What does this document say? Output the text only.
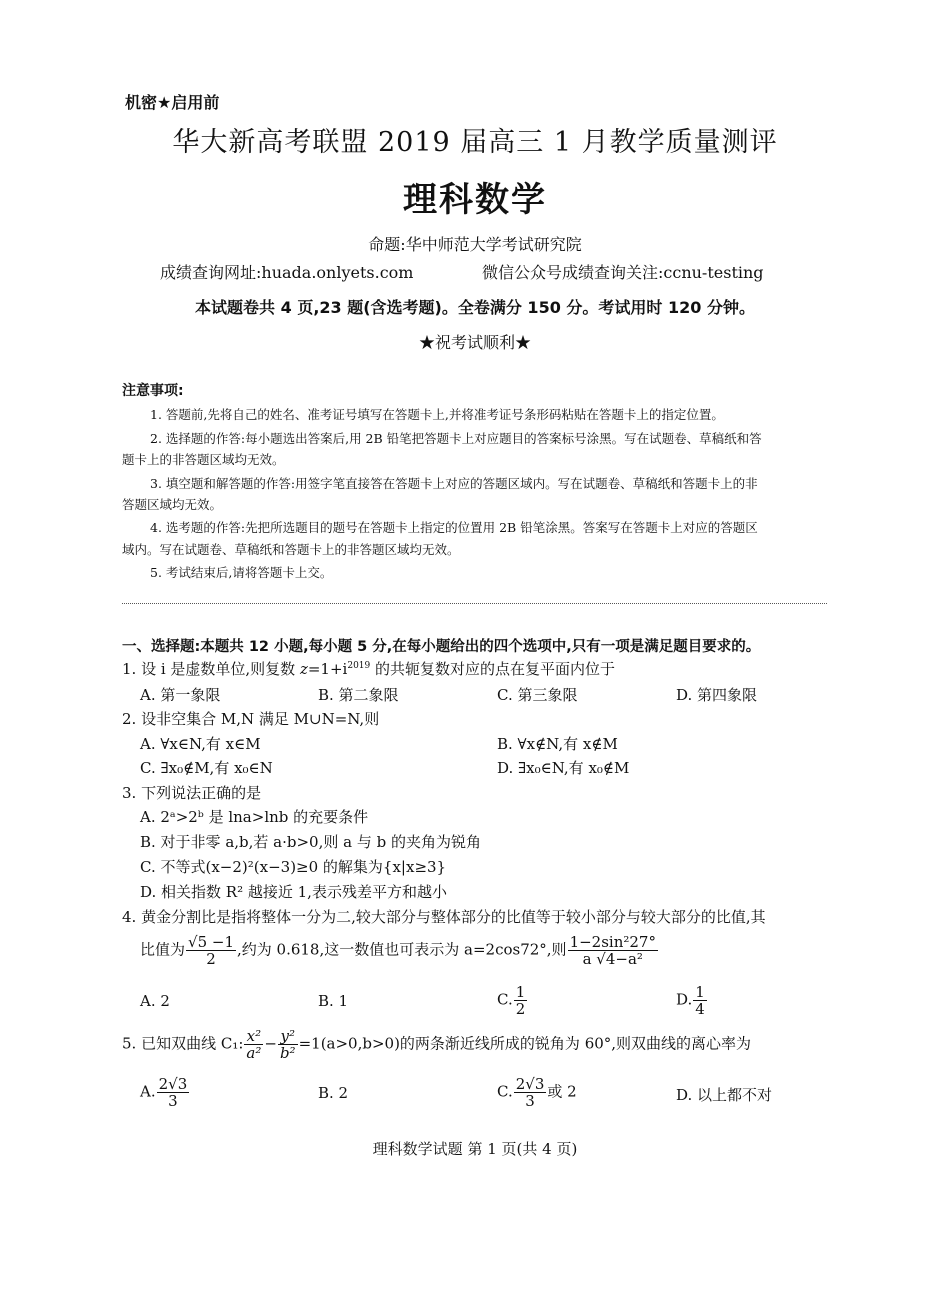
机密★启用前
华大新高考联盟 2019 届高三 1 月教学质量测评
理科数学
命题:华中师范大学考试研究院
成绩查询网址:huada.onlyets.com	微信公众号成绩查询关注:ccnu-testing
本试题卷共 4 页,23 题(含选考题)。全卷满分 150 分。考试用时 120 分钟。
★祝考试顺利★
注意事项:
1. 答题前,先将自己的姓名、准考证号填写在答题卡上,并将准考证号条形码粘贴在答题卡上的指定位置。
2. 选择题的作答:每小题选出答案后,用 2B 铅笔把答题卡上对应题目的答案标号涂黑。写在试题卷、草稿纸和答
题卡上的非答题区域均无效。
3. 填空题和解答题的作答:用签字笔直接答在答题卡上对应的答题区域内。写在试题卷、草稿纸和答题卡上的非
答题区域均无效。
4. 选考题的作答:先把所选题目的题号在答题卡上指定的位置用 2B 铅笔涂黑。答案写在答题卡上对应的答题区
域内。写在试题卷、草稿纸和答题卡上的非答题区域均无效。
5. 考试结束后,请将答题卡上交。
一、选择题:本题共 12 小题,每小题 5 分,在每小题给出的四个选项中,只有一项是满足题目要求的。
1. 设 i 是虚数单位,则复数 $z=1+i^{2019}$ 的共轭复数对应的点在复平面内位于
A. 第一象限	B. 第二象限	C. 第三象限	D. 第四象限
2. 设非空集合 M,N 满足 M∪N=N,则
A. ∀x∈N,有 x∈M	B. ∀x∉N,有 x∉M
C. ∃x₀∉M,有 x₀∈N	D. ∃x₀∈N,有 x₀∉M
3. 下列说法正确的是
A. 2ᵃ>2ᵇ 是 lna>lnb 的充要条件
B. 对于非零 a,b,若 a·b>0,则 a 与 b 的夹角为锐角
C. 不等式(x−2)²(x−3)≥0 的解集为{x|x≥3}
D. 相关指数 R² 越接近 1,表示残差平方和越小
4. 黄金分割比是指将整体一分为二,较大部分与整体部分的比值等于较小部分与较大部分的比值,其
比值为 $\frac{√5 -1}{2}$ ,约为 0.618,这一数值也可表示为 a=2cos72°,则 $\frac{\text{1−2sin²27°}}{\text{a √4−a²}}$
A. 2	B. 1	C. $\frac{1}{2}$	D. $\frac{1}{4}$
5. 已知双曲线 C₁: $\frac{\text{x²}}{\text{a²}} - \frac{\text{y²}}{\text{b²}} =1(a>0,b>0)$的两条渐近线所成的锐角为 60°,则双曲线的离心率为
A. $\frac{2√3}{3}$	B. 2	C. $\frac{2√3}{3}$ 或 2	D. 以上都不对
理科数学试题 第 1 页(共 4 页)
